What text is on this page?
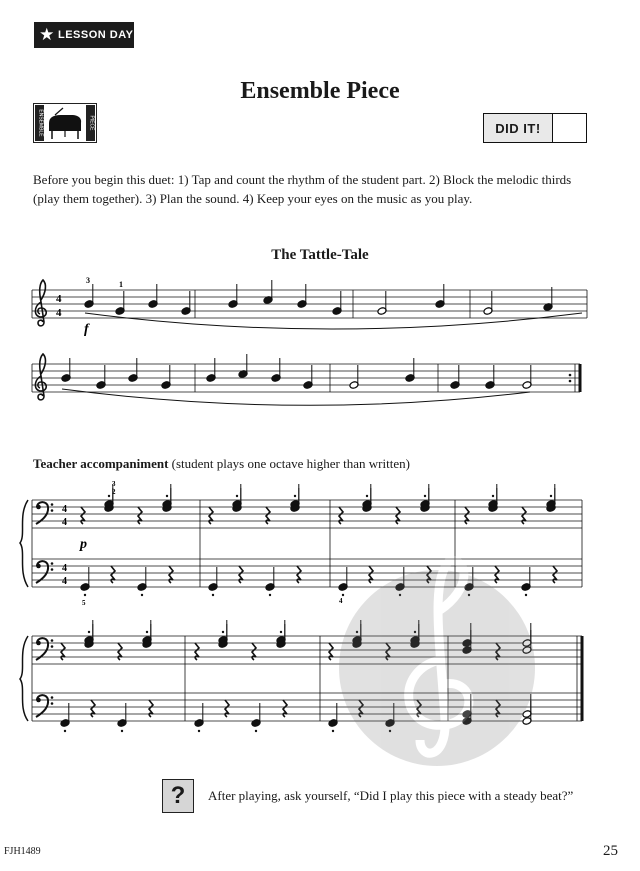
★ LESSON DAY
Ensemble Piece
ENSEMBLE	PIECE	DID IT!
Before you begin this duet: 1) Tap and count the rhythm of the student part. 2) Block the melodic thirds (play them together). 3) Plan the sound. 4) Keep your eyes on the music as you play.
The Tattle-Tale
4
4
3	1
f
4
4
4
4
3
2
5	4
p
Teacher accompaniment (student plays one octave higher than written)
?	After playing, ask yourself, “Did I play this piece with a steady beat?”
FJH1489	25
